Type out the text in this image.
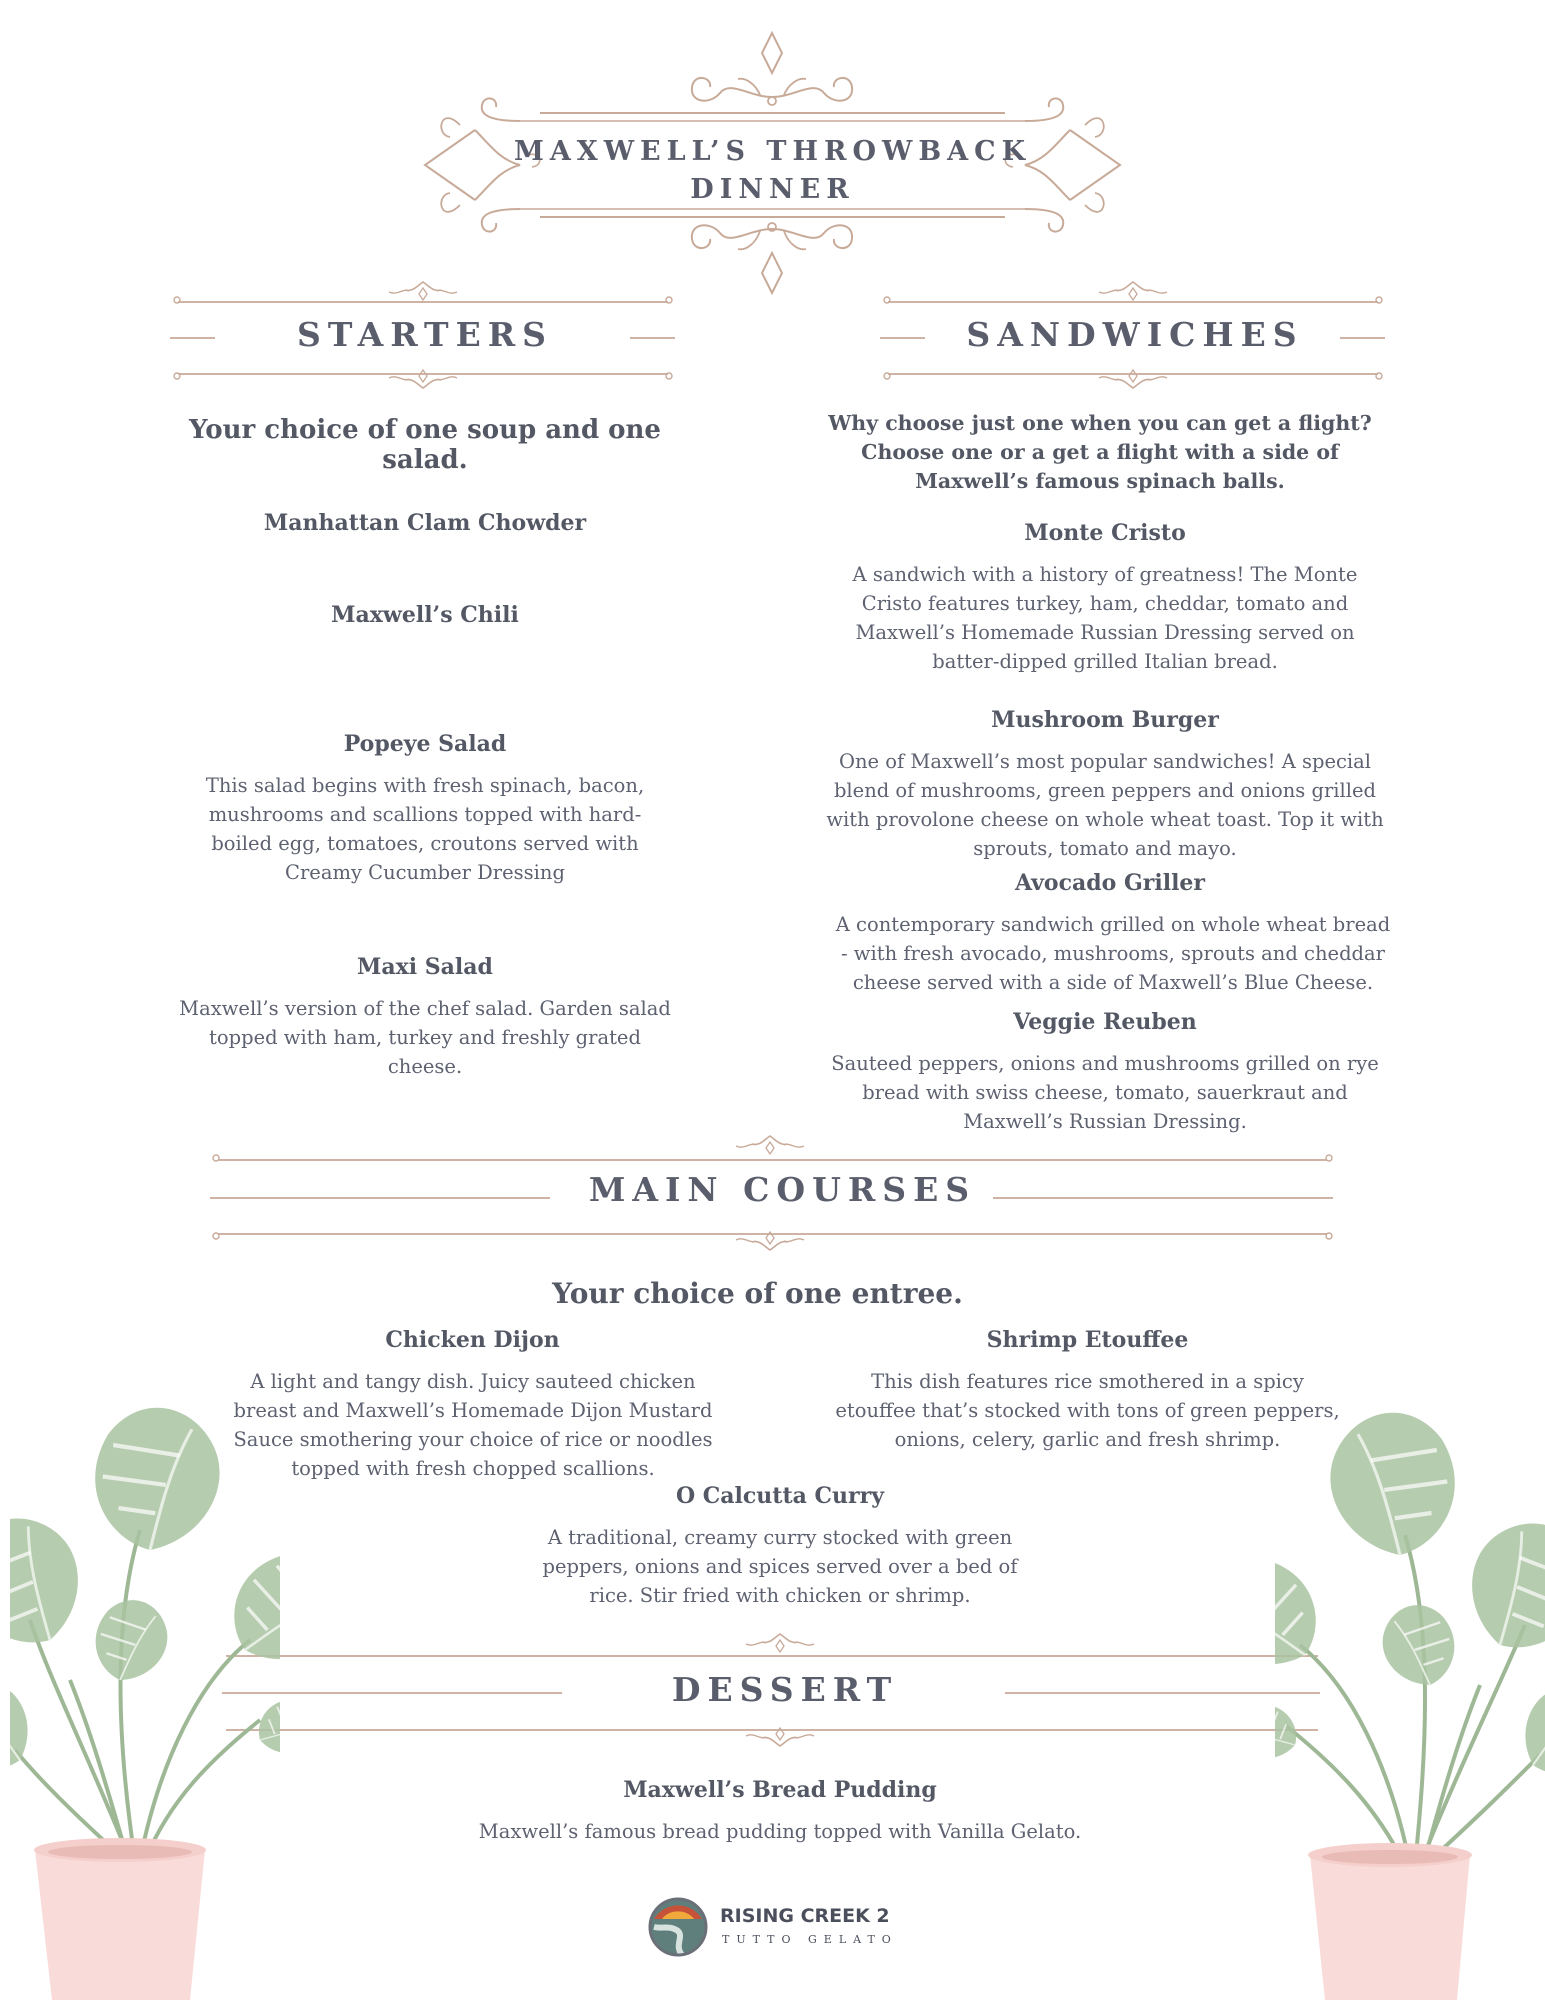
MAXWELL’S THROWBACK
DINNER
STARTERS	SANDWICHES
Your choice of one soup and one salad.
Manhattan Clam Chowder
Maxwell’s Chili
Popeye Salad
This salad begins with fresh spinach, bacon, mushrooms and scallions topped with hard-boiled egg, tomatoes, croutons served with Creamy Cucumber Dressing
Maxi Salad
Maxwell’s version of the chef salad. Garden salad topped with ham, turkey and freshly grated cheese.
Why choose just one when you can get a flight? Choose one or a get a flight with a side of Maxwell’s famous spinach balls.
Monte Cristo
A sandwich with a history of greatness! The Monte Cristo features turkey, ham, cheddar, tomato and Maxwell’s Homemade Russian Dressing served on batter-dipped grilled Italian bread.
Mushroom Burger
One of Maxwell’s most popular sandwiches! A special blend of mushrooms, green peppers and onions grilled with provolone cheese on whole wheat toast. Top it with sprouts, tomato and mayo.
Avocado Griller
A contemporary sandwich grilled on whole wheat bread - with fresh avocado, mushrooms, sprouts and cheddar cheese served with a side of Maxwell’s Blue Cheese.
Veggie Reuben
Sauteed peppers, onions and mushrooms grilled on rye bread with swiss cheese, tomato, sauerkraut and Maxwell’s Russian Dressing.
MAIN COURSES
Your choice of one entree.
Chicken Dijon
A light and tangy dish. Juicy sauteed chicken breast and Maxwell’s Homemade Dijon Mustard Sauce smothering your choice of rice or noodles topped with fresh chopped scallions.
Shrimp Etouffee
This dish features rice smothered in a spicy etouffee that’s stocked with tons of green peppers, onions, celery, garlic and fresh shrimp.
O Calcutta Curry
A traditional, creamy curry stocked with green peppers, onions and spices served over a bed of rice. Stir fried with chicken or shrimp.
DESSERT
Maxwell’s Bread Pudding
Maxwell’s famous bread pudding topped with Vanilla Gelato.
RISING CREEK 2
TUTTO GELATO
